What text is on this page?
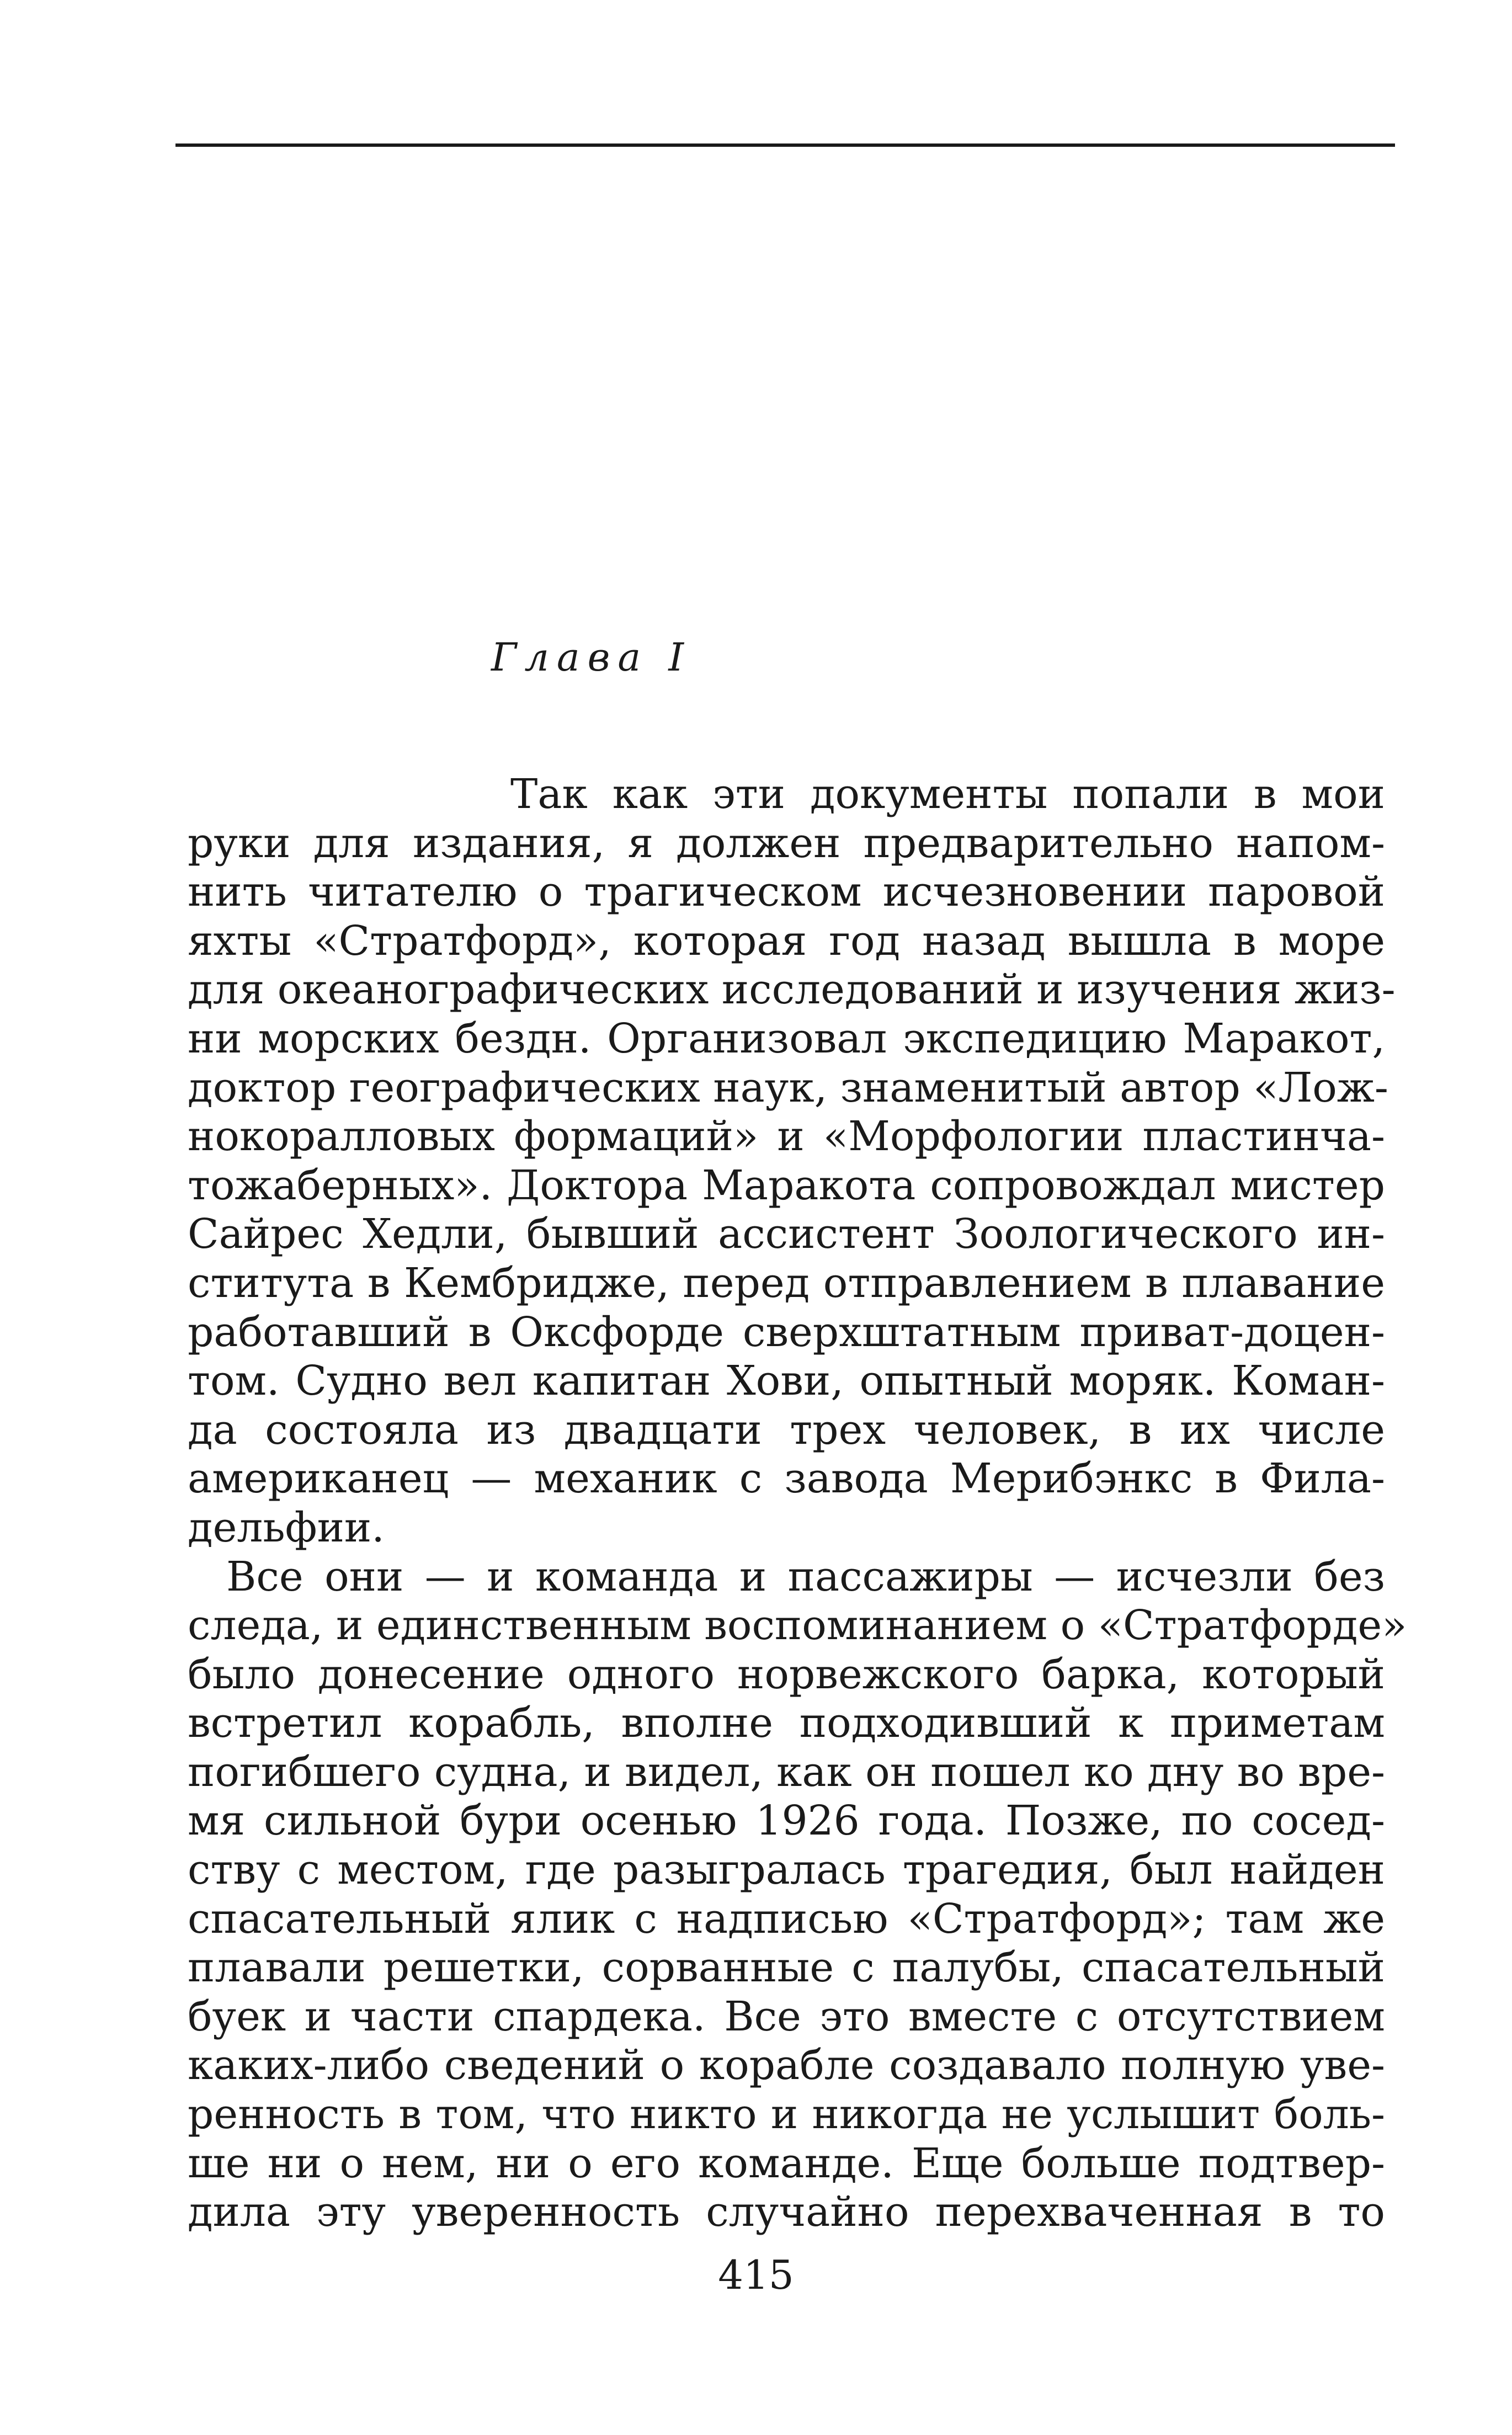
Глава I
Так как эти документы попали в мои
руки для издания, я должен предварительно напом-
нить читателю о трагическом исчезновении паровой
яхты «Стратфорд», которая год назад вышла в море
для океанографических исследований и изучения жиз-
ни морских бездн. Организовал экспедицию Маракот,
доктор географических наук, знаменитый автор «Лож-
нокоралловых формаций» и «Морфологии пластинча-
тожаберных». Доктора Маракота сопровождал мистер
Сайрес Хедли, бывший ассистент Зоологического ин-
ститута в Кембридже, перед отправлением в плавание
работавший в Оксфорде сверхштатным приват-доцен-
том. Судно вел капитан Хови, опытный моряк. Коман-
да состояла из двадцати трех человек, в их числе
американец — механик с завода Мерибэнкс в Фила-
дельфии.
Все они — и команда и пассажиры — исчезли без
следа, и единственным воспоминанием о «Стратфорде»
было донесение одного норвежского барка, который
встретил корабль, вполне подходивший к приметам
погибшего судна, и видел, как он пошел ко дну во вре-
мя сильной бури осенью 1926 года. Позже, по сосед-
ству с местом, где разыгралась трагедия, был найден
спасательный ялик с надписью «Стратфорд»; там же
плавали решетки, сорванные с палубы, спасательный
буек и части спардека. Все это вместе с отсутствием
каких-либо сведений о корабле создавало полную уве-
ренность в том, что никто и никогда не услышит боль-
ше ни о нем, ни о его команде. Еще больше подтвер-
дила эту уверенность случайно перехваченная в то
415
